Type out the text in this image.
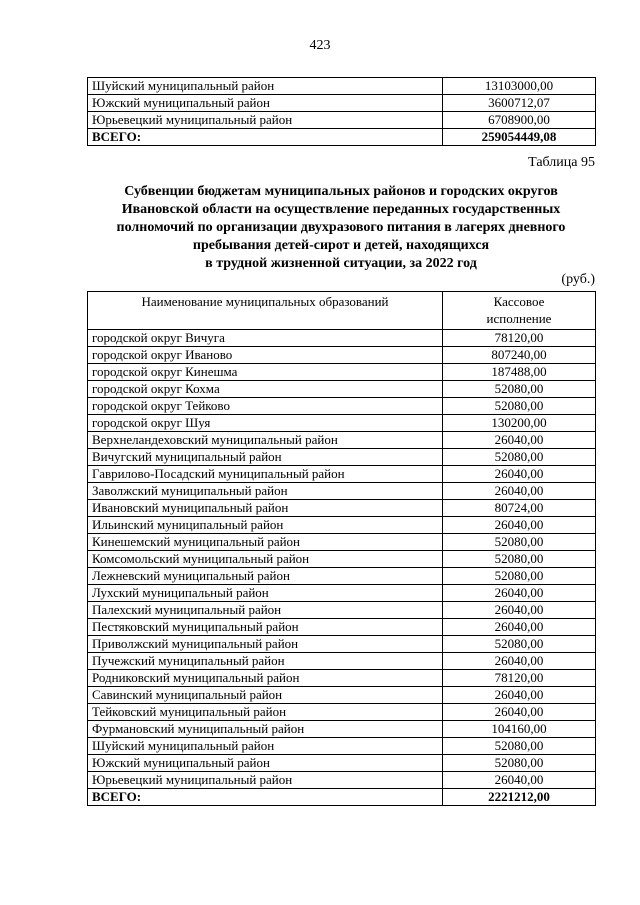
423
Шуйский муниципальный район	13103000,00
Южский муниципальный район	3600712,07
Юрьевецкий муниципальный район	6708900,00
ВСЕГО:	259054449,08
Таблица 95
Субвенции бюджетам муниципальных районов и городских округов
Ивановской области на осуществление переданных государственных
полномочий по организации двухразового питания в лагерях дневного
пребывания детей-сирот и детей, находящихся
в трудной жизненной ситуации, за 2022 год
(руб.)
Наименование муниципальных образований	Кассовое
исполнение

городской округ Вичуга	78120,00
городской округ Иваново	807240,00
городской округ Кинешма	187488,00
городской округ Кохма	52080,00
городской округ Тейково	52080,00
городской округ Шуя	130200,00
Верхнеландеховский муниципальный район	26040,00
Вичугский муниципальный район	52080,00
Гаврилово-Посадский муниципальный район	26040,00
Заволжский муниципальный район	26040,00
Ивановский муниципальный район	80724,00
Ильинский муниципальный район	26040,00
Кинешемский муниципальный район	52080,00
Комсомольский муниципальный район	52080,00
Лежневский муниципальный район	52080,00
Лухский муниципальный район	26040,00
Палехский муниципальный район	26040,00
Пестяковский муниципальный район	26040,00
Приволжский муниципальный район	52080,00
Пучежский муниципальный район	26040,00
Родниковский муниципальный район	78120,00
Савинский муниципальный район	26040,00
Тейковский муниципальный район	26040,00
Фурмановский муниципальный район	104160,00
Шуйский муниципальный район	52080,00
Южский муниципальный район	52080,00
Юрьевецкий муниципальный район	26040,00
ВСЕГО:	2221212,00
